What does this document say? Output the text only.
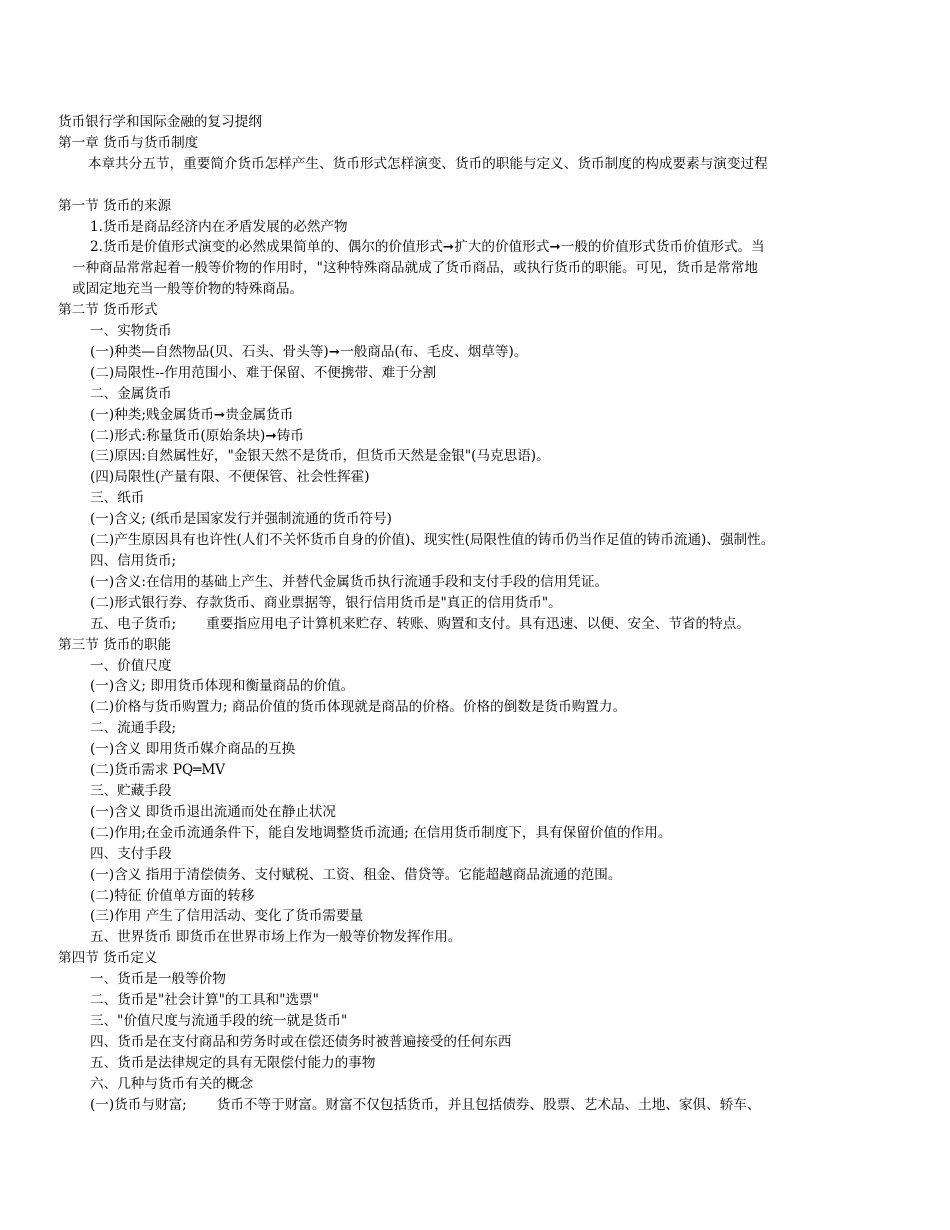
货币银行学和国际金融的复习提纲
第一章 货币与货币制度
本章共分五节，重要简介货币怎样产生、货币形式怎样演变、货币的职能与定义、货币制度的构成要素与演变过程
第一节 货币的来源
1.货币是商品经济内在矛盾发展的必然产物
2.货币是价值形式演变的必然成果简单的、偶尔的价值形式➞扩大的价值形式➞一般的价值形式货币价值形式。当
一种商品常常起着一般等价物的作用时，"这种特殊商品就成了货币商品，或执行货币的职能。可见，货币是常常地
或固定地充当一般等价物的特殊商品。
第二节 货币形式
一、实物货币
(一)种类—自然物品(贝、石头、骨头等)➞一般商品(布、毛皮、烟草等)。
(二)局限性--作用范围小、难于保留、不便携带、难于分割
二、金属货币
(一)种类;贱金属货币➞贵金属货币
(二)形式:称量货币(原始条块)➞铸币
(三)原因:自然属性好，"金银天然不是货币，但货币天然是金银"(马克思语)。
(四)局限性(产量有限、不便保管、社会性挥霍)
三、纸币
(一)含义; (纸币是国家发行并强制流通的货币符号)
(二)产生原因具有也许性(人们不关怀货币自身的价值)、现实性(局限性值的铸币仍当作足值的铸币流通)、强制性。
四、信用货币;
(一)含义:在信用的基础上产生、并替代金属货币执行流通手段和支付手段的信用凭证。
(二)形式银行券、存款货币、商业票据等，银行信用货币是"真正的信用货币"。
五、电子货币; 重要指应用电子计算机来贮存、转账、购置和支付。具有迅速、以便、安全、节省的特点。
第三节 货币的职能
一、价值尺度
(一)含义; 即用货币体现和衡量商品的价值。
(二)价格与货币购置力; 商品价值的货币体现就是商品的价格。价格的倒数是货币购置力。
二、流通手段;
(一)含义 即用货币媒介商品的互换
(二)货币需求 PQ═MV
三、贮藏手段
(一)含义 即货币退出流通而处在静止状况
(二)作用;在金币流通条件下，能自发地调整货币流通; 在信用货币制度下，具有保留价值的作用。
四、支付手段
(一)含义 指用于清偿债务、支付赋税、工资、租金、借贷等。它能超越商品流通的范围。
(二)特征 价值单方面的转移
(三)作用 产生了信用活动、变化了货币需要量
五、世界货币 即货币在世界市场上作为一般等价物发挥作用。
第四节 货币定义
一、货币是一般等价物
二、货币是"社会计算"的工具和"选票"
三、"价值尺度与流通手段的统一就是货币"
四、货币是在支付商品和劳务时或在偿还债务时被普遍接受的任何东西
五、货币是法律规定的具有无限偿付能力的事物
六、几种与货币有关的概念
(一)货币与财富; 货币不等于财富。财富不仅包括货币，并且包括债券、股票、艺术品、土地、家俱、轿车、
